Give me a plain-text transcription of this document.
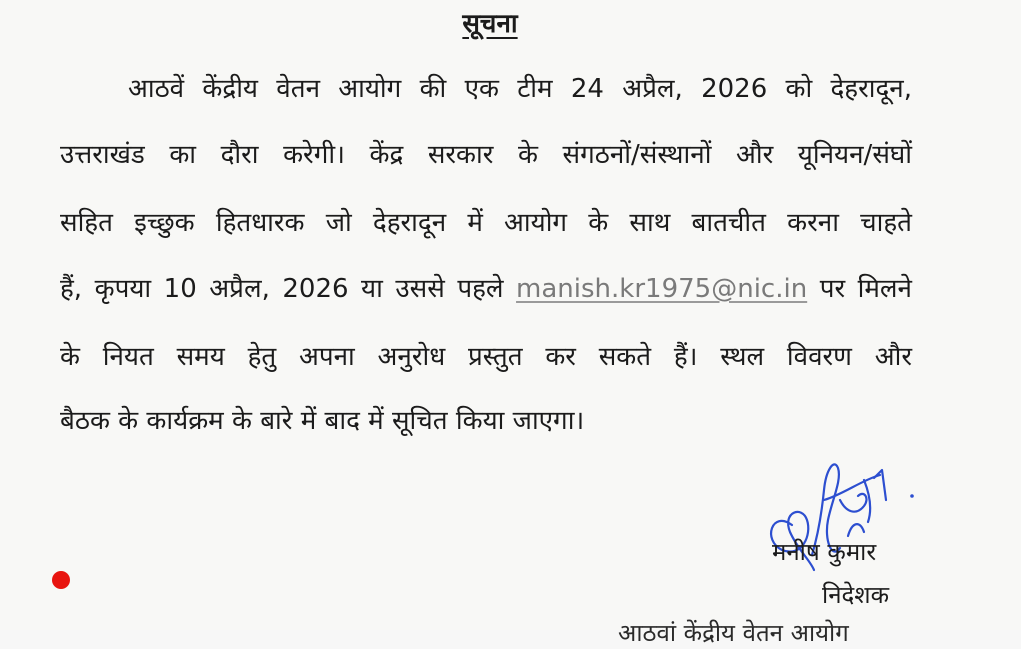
सूचना

आठवें केंद्रीय वेतन आयोग की एक टीम 24 अप्रैल, 2026 को देहरादून,

उत्तराखंड का दौरा करेगी। केंद्र सरकार के संगठनों/संस्थानों और यूनियन/संघों

सहित इच्छुक हितधारक जो देहरादून में आयोग के साथ बातचीत करना चाहते

हैं, कृपया 10 अप्रैल, 2026 या उससे पहले manish.kr1975@nic.in पर मिलने

के नियत समय हेतु अपना अनुरोध प्रस्तुत कर सकते हैं। स्थल विवरण और

बैठक के कार्यक्रम के बारे में बाद में सूचित किया जाएगा।

मनीष कुमार

निदेशक

आठवां केंद्रीय वेतन आयोग
